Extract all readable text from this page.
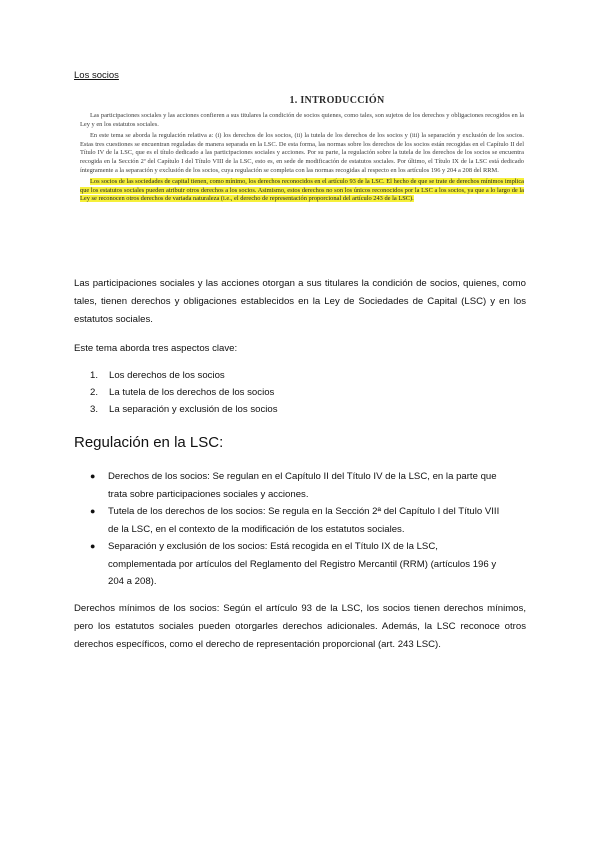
Los socios
1. INTRODUCCIÓN

Las participaciones sociales y las acciones confieren a sus titulares la condición de socios quienes, como tales, son sujetos de los derechos y obligaciones recogidos en la Ley y en los estatutos sociales.

En este tema se aborda la regulación relativa a: (i) los derechos de los socios, (ii) la tutela de los derechos de los socios y (iii) la separación y exclusión de los socios. Estas tres cuestiones se encuentran reguladas de manera separada en la LSC. De esta forma, las normas sobre los derechos de los socios están recogidas en el Capítulo II del Título IV de la LSC, que es el título dedicado a las participaciones sociales y acciones. Por su parte, la regulación sobre la tutela de los derechos de los socios se encuentra recogida en la Sección 2ª del Capítulo I del Título VIII de la LSC, esto es, en sede de modificación de estatutos sociales. Por último, el Título IX de la LSC está dedicado íntegramente a la separación y exclusión de los socios, cuya regulación se completa con las normas recogidas al respecto en los artículos 196 y 204 a 208 del RRM.

Los socios de las sociedades de capital tienen, como mínimo, los derechos reconocidos en el artículo 93 de la LSC. El hecho de que se trate de derechos mínimos implica que los estatutos sociales pueden atribuir otros derechos a los socios. Asimismo, estos derechos no son los únicos reconocidos por la LSC a los socios, ya que a lo largo de la Ley se reconocen otros derechos de variada naturaleza (i.e., el derecho de representación proporcional del artículo 243 de la LSC).

Las participaciones sociales y las acciones otorgan a sus titulares la condición de socios, quienes, como tales, tienen derechos y obligaciones establecidos en la Ley de Sociedades de Capital (LSC) y en los estatutos sociales.

Este tema aborda tres aspectos clave:

1. Los derechos de los socios
2. La tutela de los derechos de los socios
3. La separación y exclusión de los socios
Regulación en la LSC:
● Derechos de los socios: Se regulan en el Capítulo II del Título IV de la LSC, en la parte que trata sobre participaciones sociales y acciones.
● Tutela de los derechos de los socios: Se regula en la Sección 2ª del Capítulo I del Título VIII de la LSC, en el contexto de la modificación de los estatutos sociales.
● Separación y exclusión de los socios: Está recogida en el Título IX de la LSC, complementada por artículos del Reglamento del Registro Mercantil (RRM) (artículos 196 y 204 a 208).

Derechos mínimos de los socios: Según el artículo 93 de la LSC, los socios tienen derechos mínimos, pero los estatutos sociales pueden otorgarles derechos adicionales. Además, la LSC reconoce otros derechos específicos, como el derecho de representación proporcional (art. 243 LSC).
